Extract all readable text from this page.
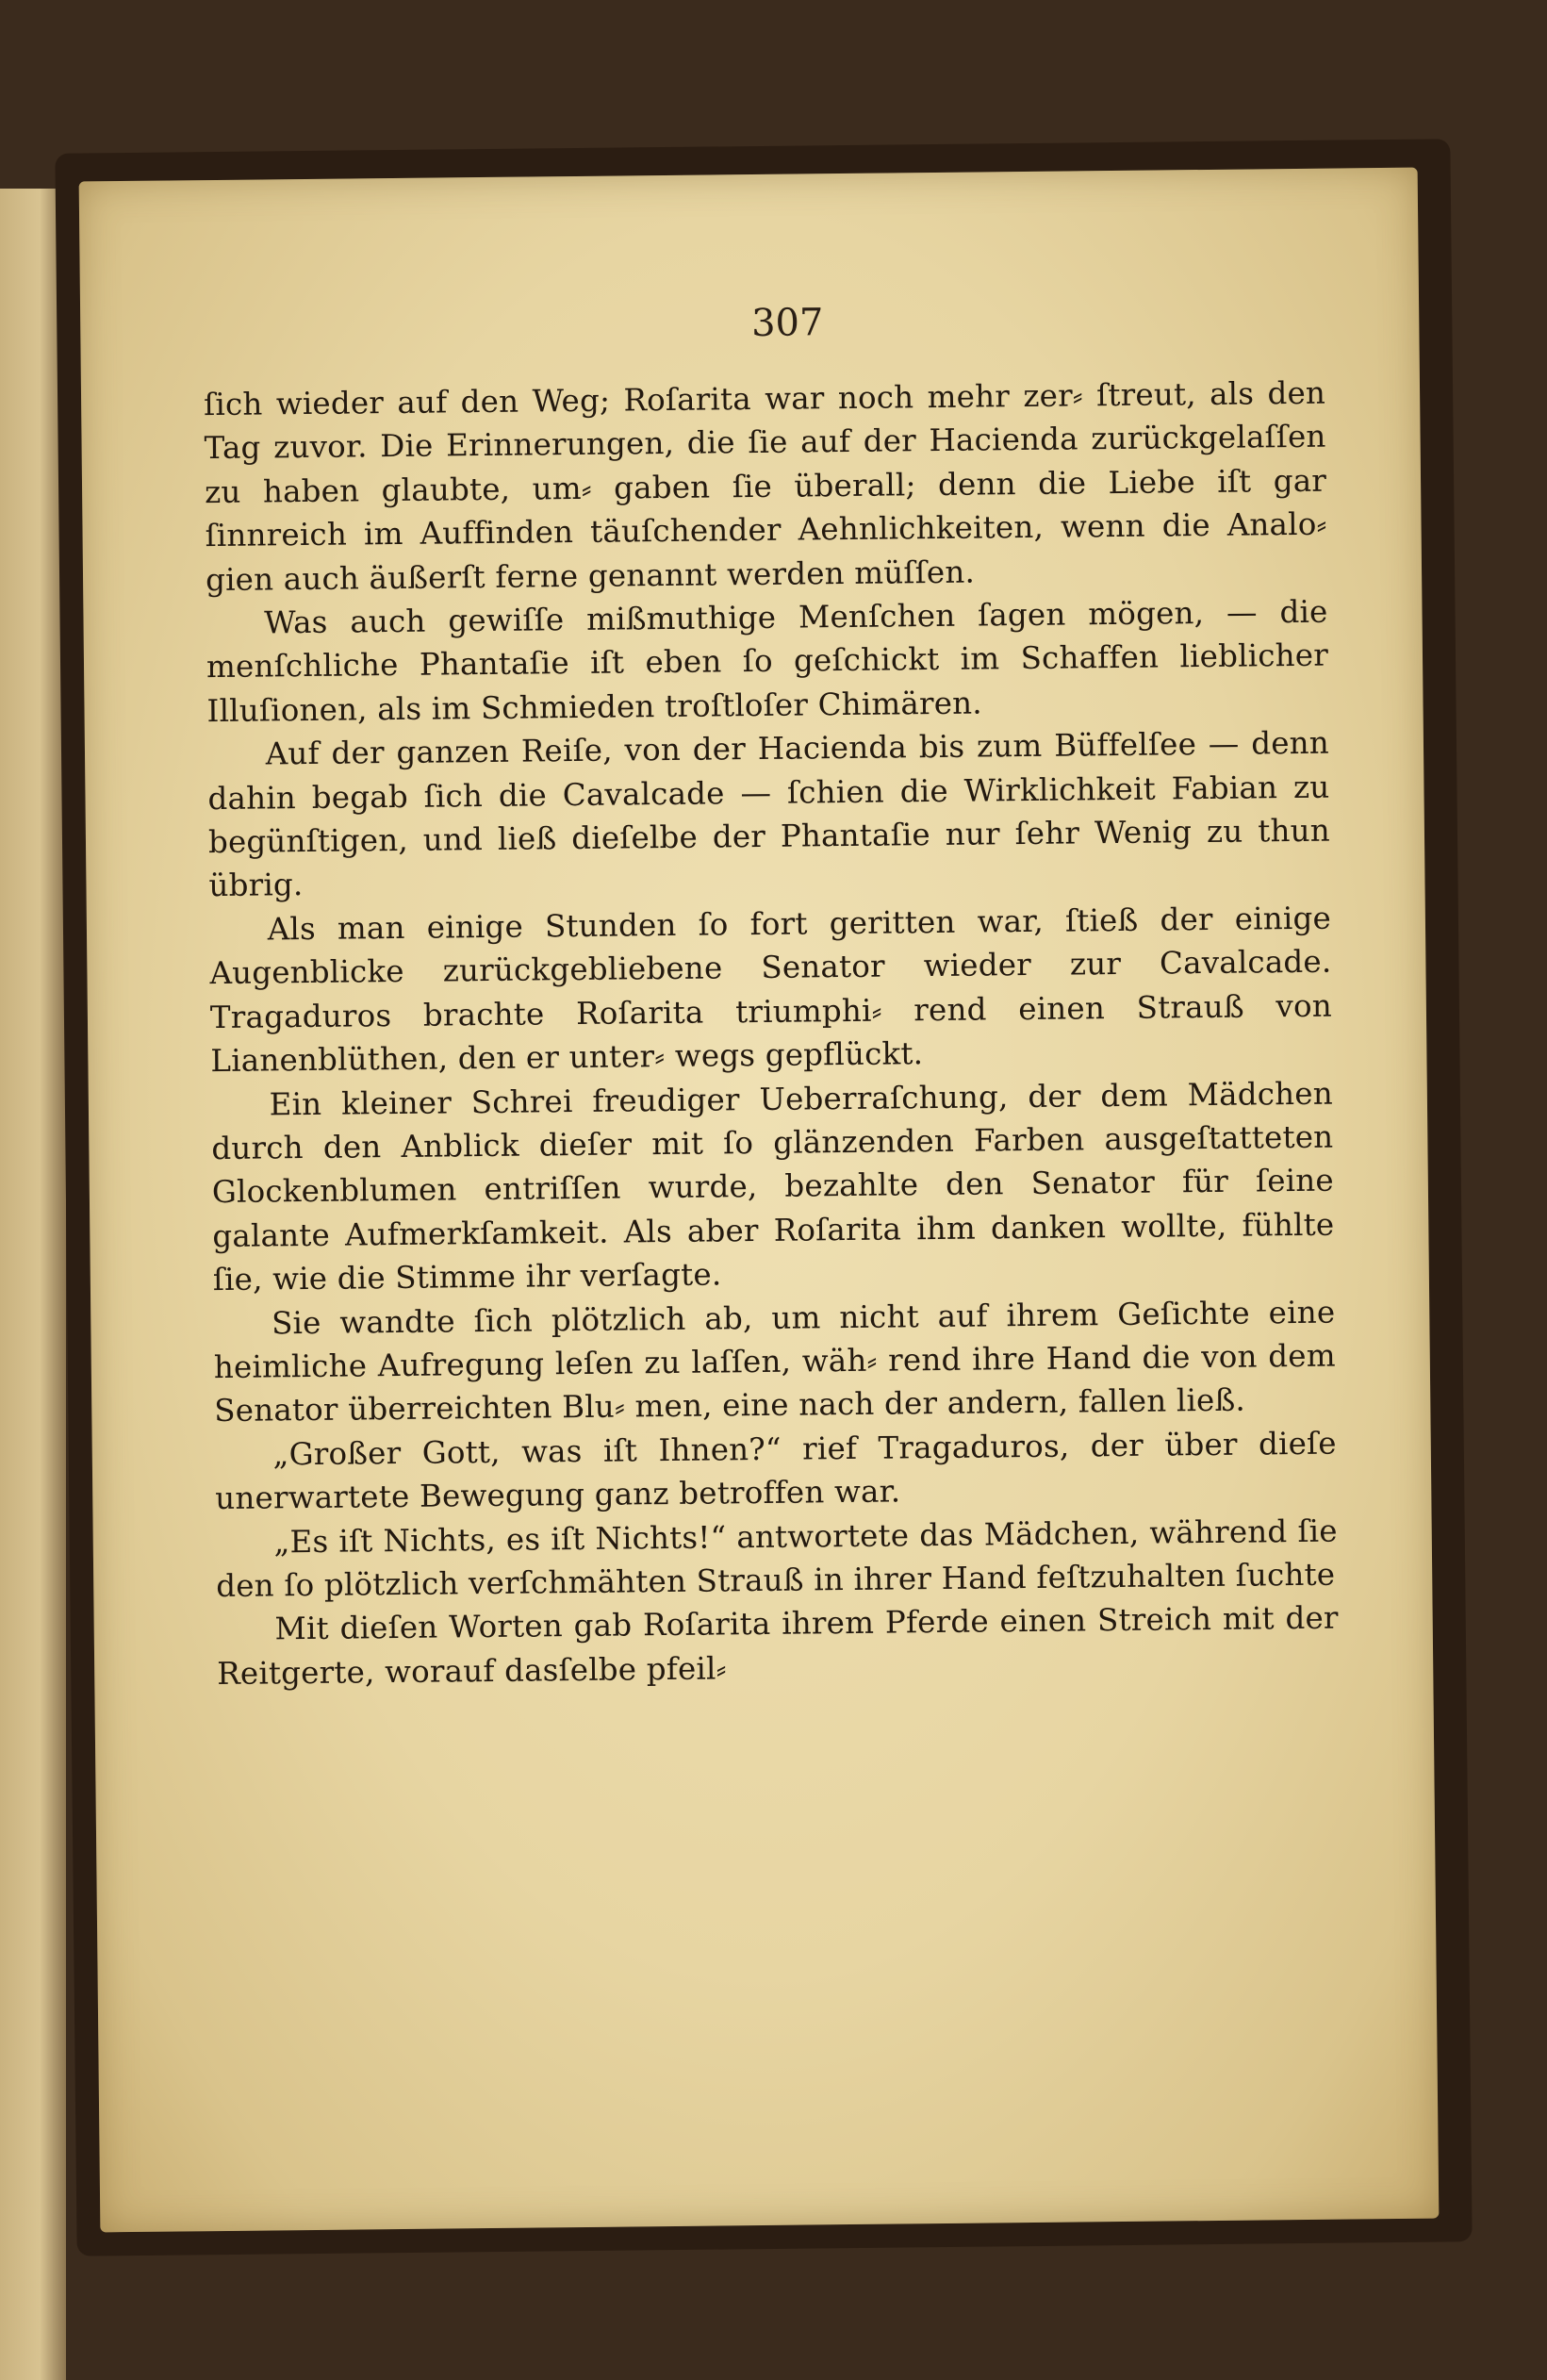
307

ſich wieder auf den Weg; Roſarita war noch mehr zer⸗ ſtreut, als den Tag zuvor. Die Erinnerungen, die ſie auf der Hacienda zurückgelaſſen zu haben glaubte, um⸗ gaben ſie überall; denn die Liebe iſt gar ſinnreich im Auffinden täuſchender Aehnlichkeiten, wenn die Analo⸗ gien auch äußerſt ferne genannt werden müſſen.

Was auch gewiſſe mißmuthige Menſchen ſagen mögen, — die menſchliche Phantaſie iſt eben ſo geſchickt im Schaffen lieblicher Illuſionen, als im Schmieden troſtloſer Chimären.

Auf der ganzen Reiſe, von der Hacienda bis zum Büffelſee — denn dahin begab ſich die Cavalcade — ſchien die Wirklichkeit Fabian zu begünſtigen, und ließ dieſelbe der Phantaſie nur ſehr Wenig zu thun übrig.

Als man einige Stunden ſo fort geritten war, ſtieß der einige Augenblicke zurückgebliebene Senator wieder zur Cavalcade. Tragaduros brachte Roſarita triumphi⸗ rend einen Strauß von Lianenblüthen, den er unter⸗ wegs gepflückt.

Ein kleiner Schrei freudiger Ueberraſchung, der dem Mädchen durch den Anblick dieſer mit ſo glänzenden Farben ausgeſtatteten Glockenblumen entriſſen wurde, bezahlte den Senator für ſeine galante Aufmerkſamkeit. Als aber Roſarita ihm danken wollte, fühlte ſie, wie die Stimme ihr verſagte.

Sie wandte ſich plötzlich ab, um nicht auf ihrem Geſichte eine heimliche Aufregung leſen zu laſſen, wäh⸗ rend ihre Hand die von dem Senator überreichten Blu⸗ men, eine nach der andern, fallen ließ.

„Großer Gott, was iſt Ihnen?“ rief Tragaduros, der über dieſe unerwartete Bewegung ganz betroffen war.

„Es iſt Nichts, es iſt Nichts!“ antwortete das Mädchen, während ſie den ſo plötzlich verſchmähten Strauß in ihrer Hand feſtzuhalten ſuchte

Mit dieſen Worten gab Roſarita ihrem Pferde einen Streich mit der Reitgerte, worauf dasſelbe pfeil⸗
